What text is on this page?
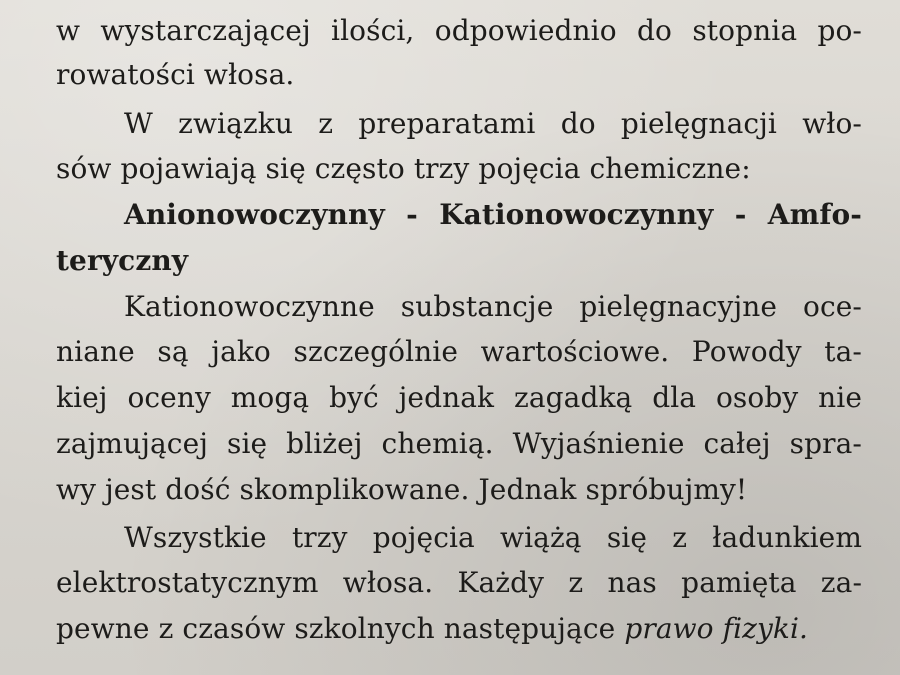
w wystarczającej ilości, odpowiednio do stopnia po-
rowatości włosa.
W związku z preparatami do pielęgnacji wło-
sów pojawiają się często trzy pojęcia chemiczne:
Anionowoczynny - Kationowoczynny - Amfo-
teryczny
Kationowoczynne substancje pielęgnacyjne oce-
niane są jako szczególnie wartościowe. Powody ta-
kiej oceny mogą być jednak zagadką dla osoby nie
zajmującej się bliżej chemią. Wyjaśnienie całej spra-
wy jest dość skomplikowane. Jednak spróbujmy!
Wszystkie trzy pojęcia wiążą się z ładunkiem
elektrostatycznym włosa. Każdy z nas pamięta za-
pewne z czasów szkolnych następujące prawo fizyki.
